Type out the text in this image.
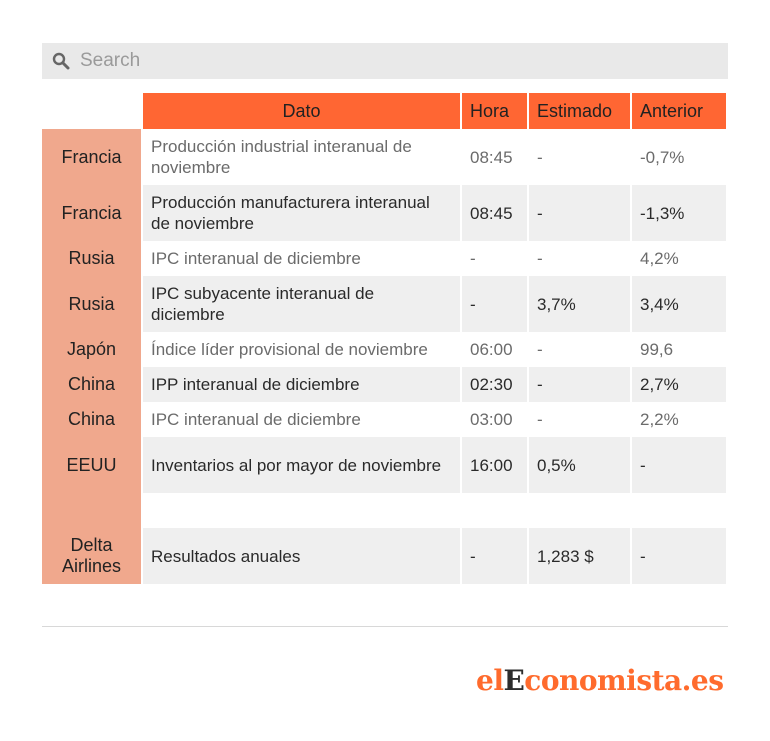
Search
	Dato	Hora	Estimado	Anterior
Francia	Producción industrial interanual de noviembre	08:45	-	-0,7%
Francia	Producción manufacturera interanual de noviembre	08:45	-	-1,3%
Rusia	IPC interanual de diciembre	-	-	4,2%
Rusia	IPC subyacente interanual de diciembre	-	3,7%	3,4%
Japón	Índice líder provisional de noviembre	06:00	-	99,6
China	IPP interanual de diciembre	02:30	-	2,7%
China	IPC interanual de diciembre	03:00	-	2,2%
EEUU	Inventarios al por mayor de noviembre	16:00	0,5%	-

Delta Airlines	Resultados anuales	-	1,283 $	-
elEconomista.es
